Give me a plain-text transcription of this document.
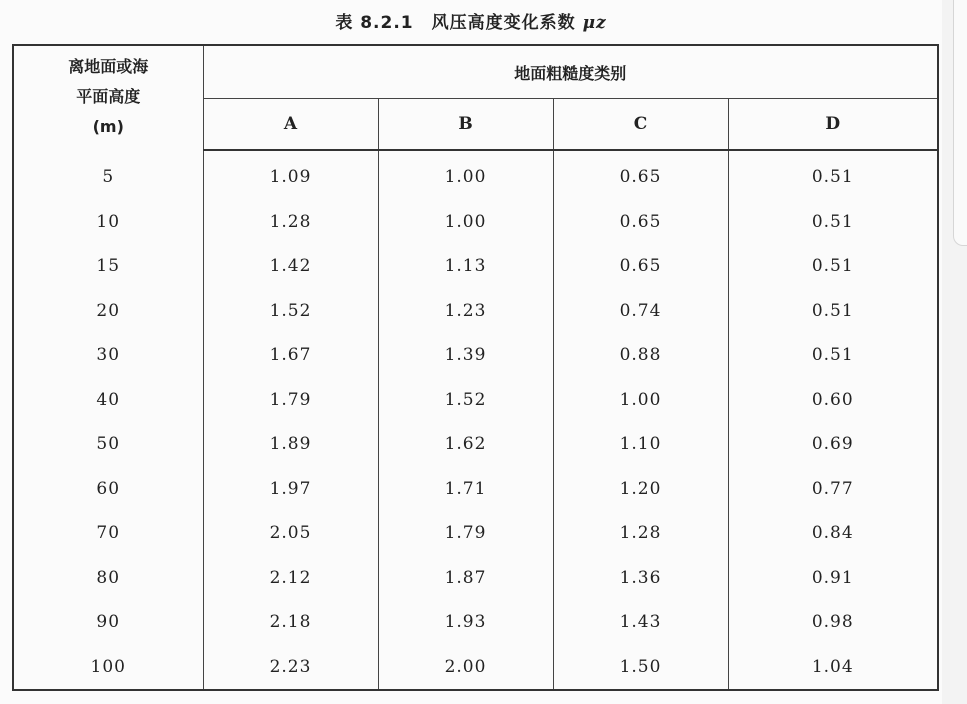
表 8.2.1 风压高度变化系数 μz
离地面或海
平面高度
(m)	地面粗糙度类别			
	A	B	C	D
5	1.09	1.00	0.65	0.51
10	1.28	1.00	0.65	0.51
15	1.42	1.13	0.65	0.51
20	1.52	1.23	0.74	0.51
30	1.67	1.39	0.88	0.51
40	1.79	1.52	1.00	0.60
50	1.89	1.62	1.10	0.69
60	1.97	1.71	1.20	0.77
70	2.05	1.79	1.28	0.84
80	2.12	1.87	1.36	0.91
90	2.18	1.93	1.43	0.98
100	2.23	2.00	1.50	1.04
